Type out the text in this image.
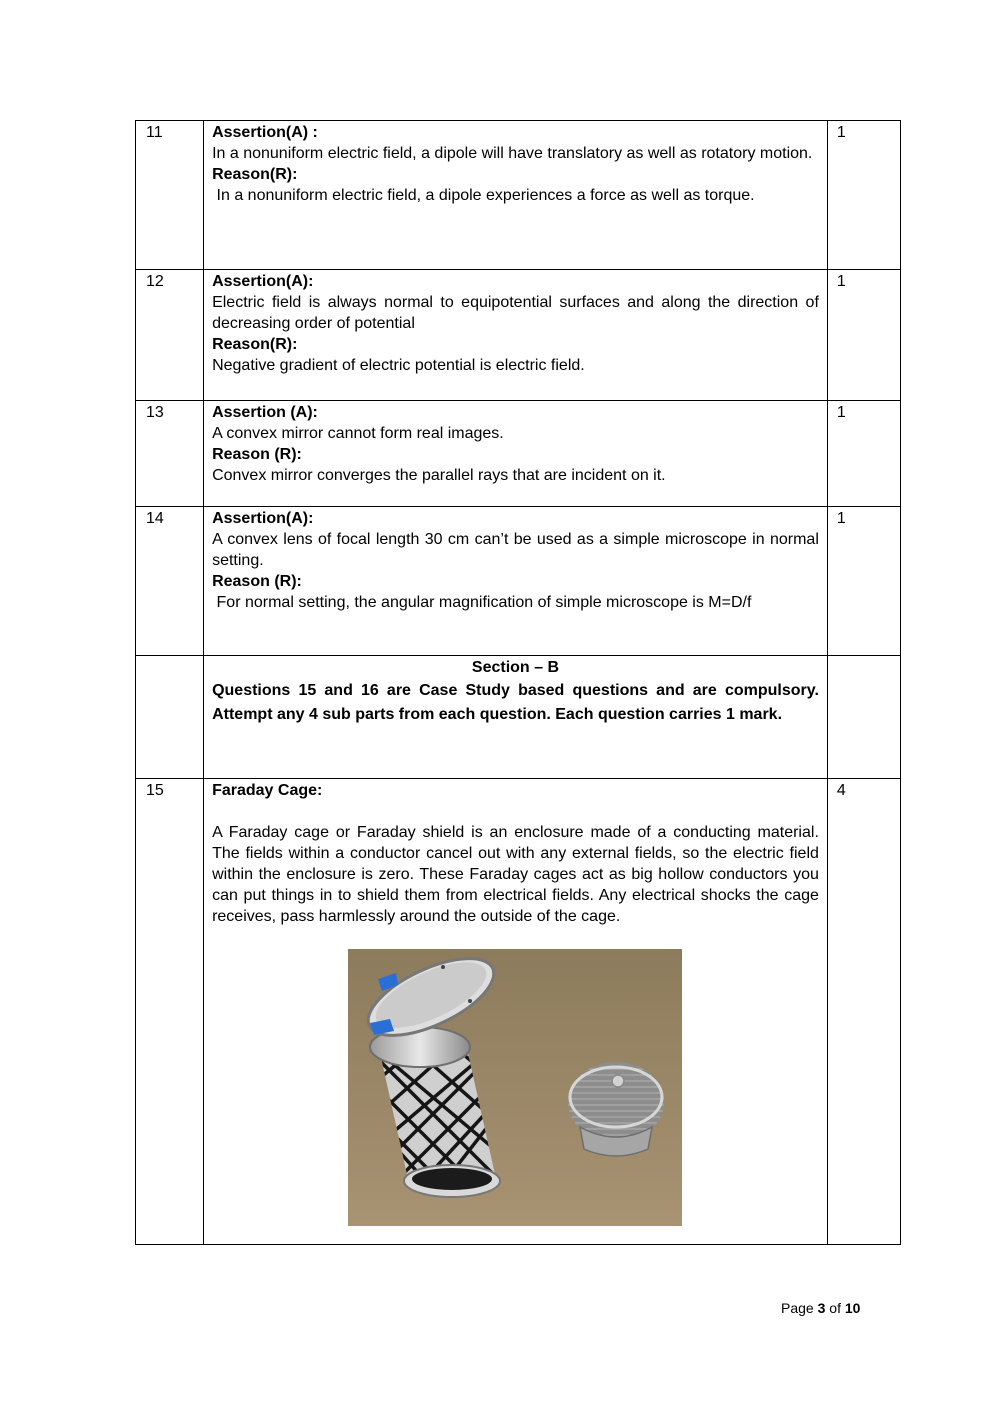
11	Assertion(A) :
In a nonuniform electric field, a dipole will have translatory as well as rotatory motion.
Reason(R):
In a nonuniform electric field, a dipole experiences a force as well as torque.	1
12	Assertion(A):
Electric field is always normal to equipotential surfaces and along the direction of decreasing order of potential
Reason(R):
Negative gradient of electric potential is electric field.	1
13	Assertion (A):
A convex mirror cannot form real images.
Reason (R):
Convex mirror converges the parallel rays that are incident on it.	1
14	Assertion(A):
A convex lens of focal length 30 cm can’t be used as a simple microscope in normal setting.
Reason (R):
For normal setting, the angular magnification of simple microscope is M=D/f	1

	Section – B
Questions 15 and 16 are Case Study based questions and are compulsory. Attempt any 4 sub parts from each question. Each question carries 1 mark.	

15	Faraday Cage:
A Faraday cage or Faraday shield is an enclosure made of a conducting material. The fields within a conductor cancel out with any external fields, so the electric field within the enclosure is zero. These Faraday cages act as big hollow conductors you can put things in to shield them from electrical fields. Any electrical shocks the cage receives, pass harmlessly around the outside of the cage.	4
Page 3 of 10
